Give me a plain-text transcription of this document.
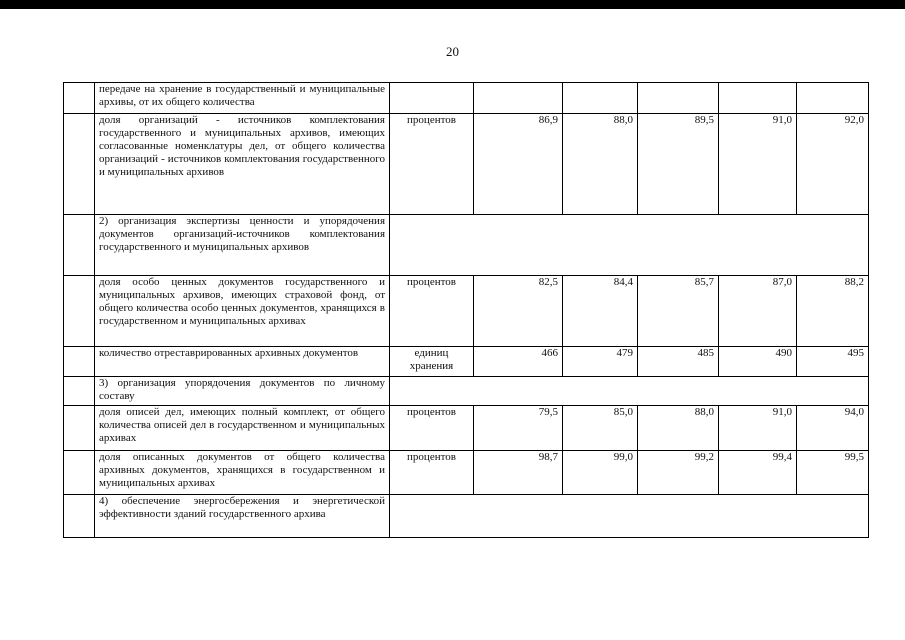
20
	передаче на хранение в государственный и муниципальные архивы, от их общего количества						
	доля организаций - источников комплектования государственного и муниципальных архивов, имеющих согласованные номенклатуры дел, от общего количества организаций - источников комплектования государственного и муниципальных архивов	процентов	86,9	88,0	89,5	91,0	92,0
	2) организация экспертизы ценности и упорядочения документов организаций-источников комплектования государственного и муниципальных архивов						
	доля особо ценных документов государственного и муниципальных архивов, имеющих страховой фонд, от общего количества особо ценных документов, хранящихся в государственном и муниципальных архивах	процентов	82,5	84,4	85,7	87,0	88,2
	количество отреставрированных архивных документов	единиц хранения	466	479	485	490	495
	3) организация упорядочения документов по личному составу						
	доля описей дел, имеющих полный комплект, от общего количества описей дел в государственном и муниципальных архивах	процентов	79,5	85,0	88,0	91,0	94,0
	доля описанных документов от общего количества архивных документов, хранящихся в государственном и муниципальных архивах	процентов	98,7	99,0	99,2	99,4	99,5
	4) обеспечение энергосбережения и энергетической эффективности зданий государственного архива						
